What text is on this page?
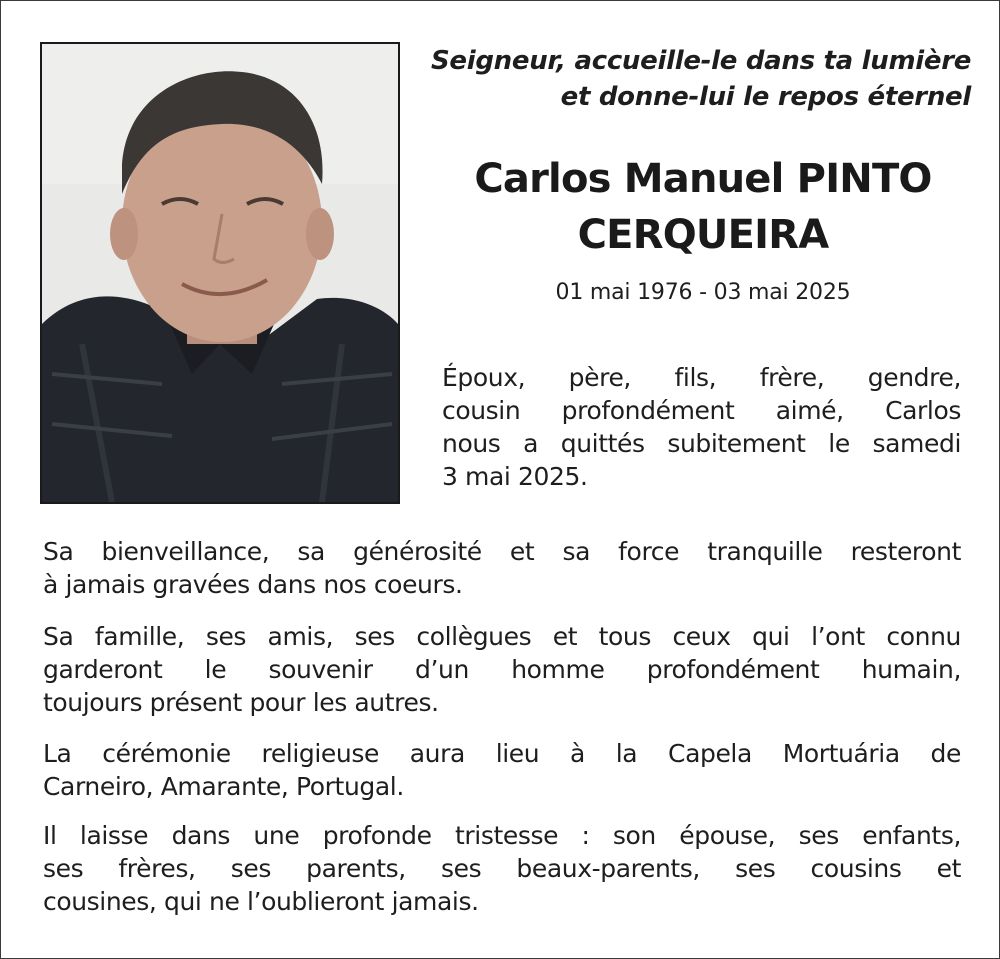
Seigneur, accueille-le dans ta lumière
et donne-lui le repos éternel
Carlos Manuel PINTO
CERQUEIRA
01 mai 1976 - 03 mai 2025
Époux, père, fils, frère, gendre,
cousin profondément aimé, Carlos
nous a quittés subitement le samedi
3 mai 2025.
Sa bienveillance, sa générosité et sa force tranquille resteront
à jamais gravées dans nos coeurs.
Sa famille, ses amis, ses collègues et tous ceux qui l’ont connu
garderont le souvenir d’un homme profondément humain,
toujours présent pour les autres.
La cérémonie religieuse aura lieu à la Capela Mortuária de
Carneiro, Amarante, Portugal.
Il laisse dans une profonde tristesse : son épouse, ses enfants,
ses frères, ses parents, ses beaux-parents, ses cousins et
cousines, qui ne l’oublieront jamais.
